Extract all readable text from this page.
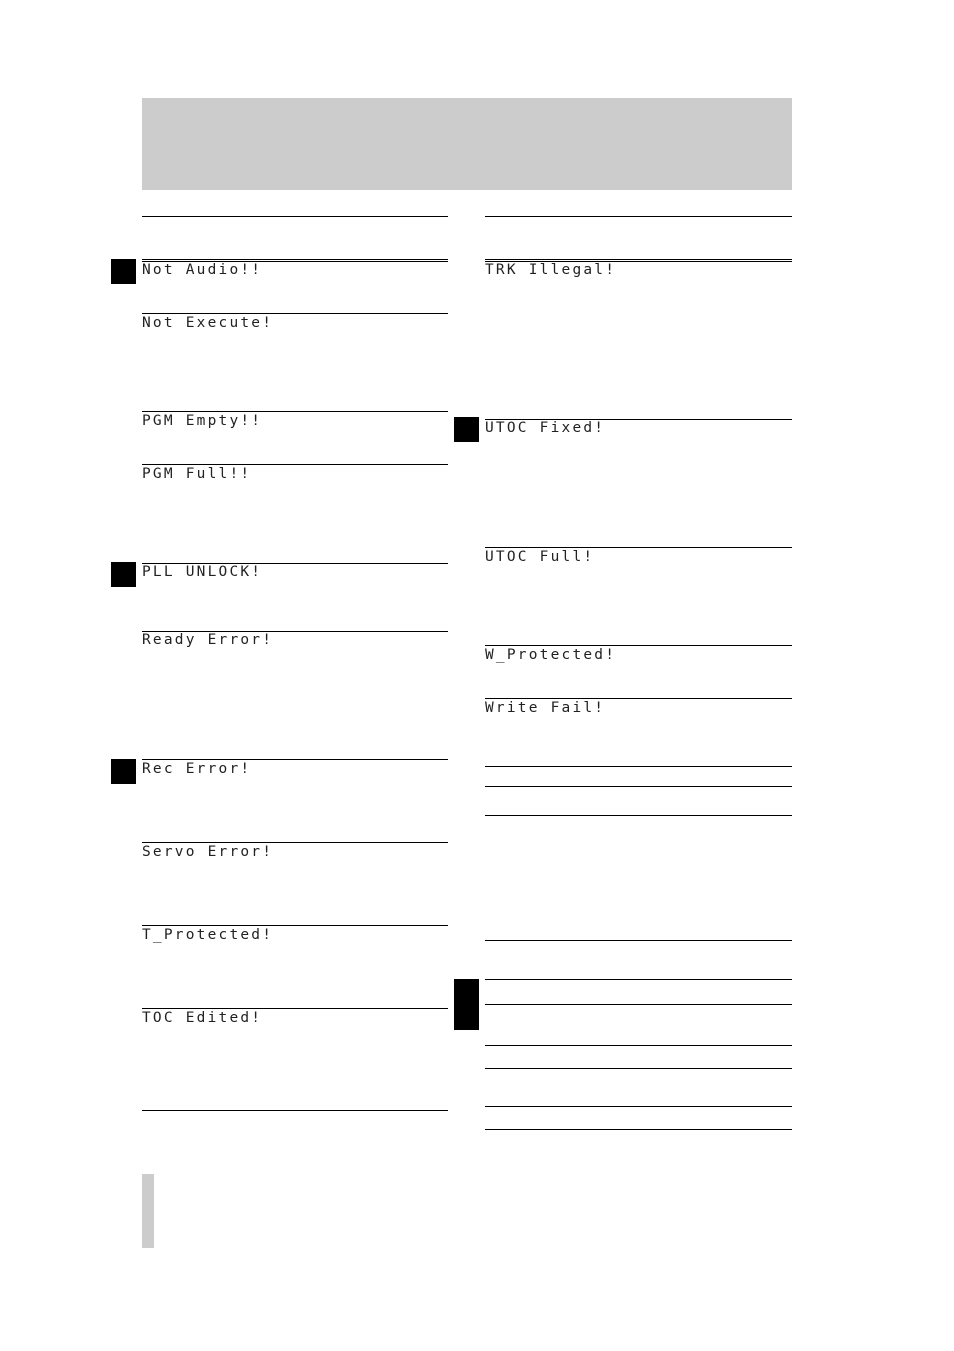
Not Audio!!
Not Execute!
PGM Empty!!
PGM Full!!
PLL UNLOCK!
Ready Error!
Rec Error!
Servo Error!
T_Protected!
TOC Edited!
TRK Illegal!
UTOC Fixed!
UTOC Full!
W_Protected!
Write Fail!
